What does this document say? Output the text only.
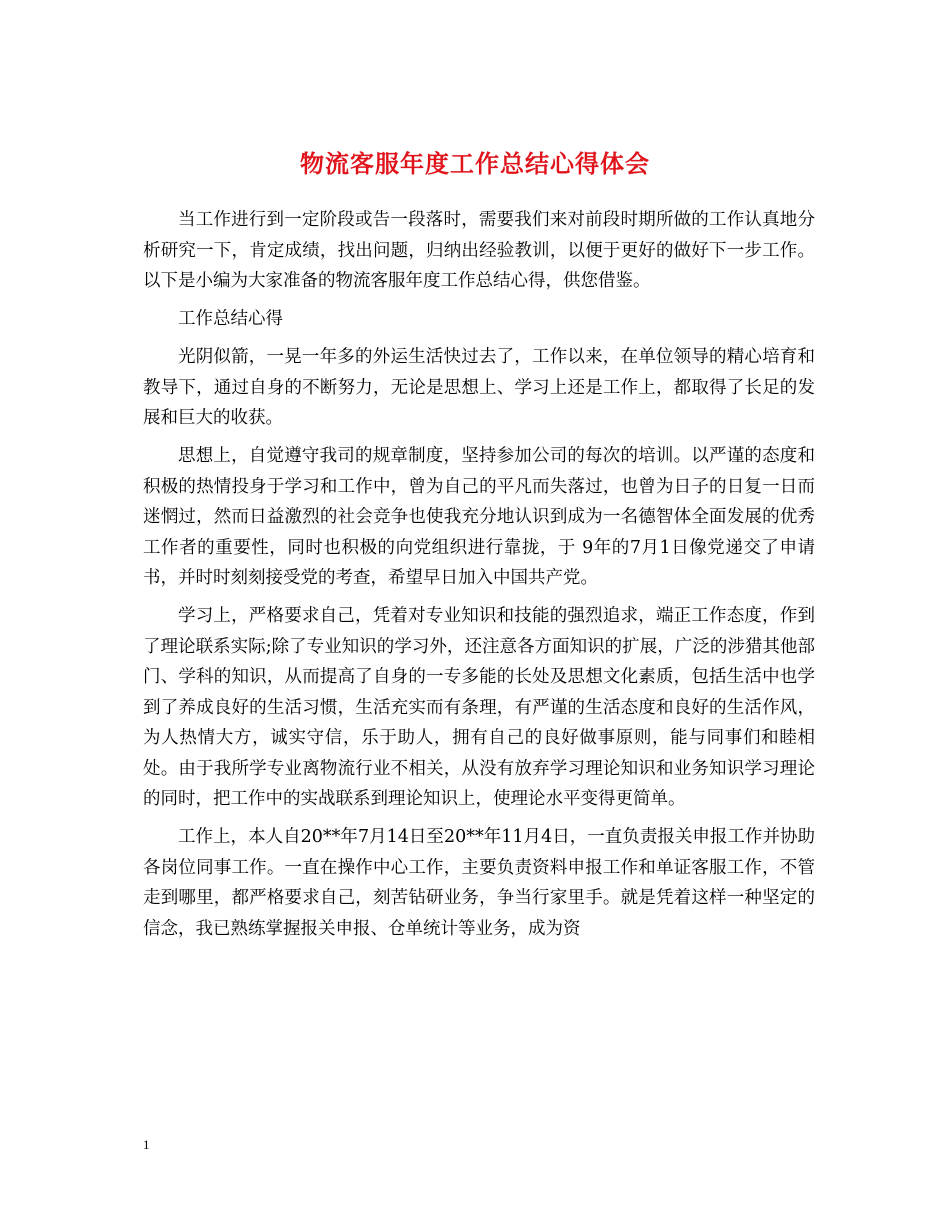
物流客服年度工作总结心得体会

当工作进行到一定阶段或告一段落时，需要我们来对前段时期所做的工作认真地分析研究一下，肯定成绩，找出问题，归纳出经验教训，以便于更好的做好下一步工作。以下是小编为大家准备的物流客服年度工作总结心得，供您借鉴。

工作总结心得

光阴似箭，一晃一年多的外运生活快过去了，工作以来，在单位领导的精心培育和教导下，通过自身的不断努力，无论是思想上、学习上还是工作上，都取得了长足的发展和巨大的收获。

思想上，自觉遵守我司的规章制度，坚持参加公司的每次的培训。以严谨的态度和积极的热情投身于学习和工作中，曾为自己的平凡而失落过，也曾为日子的日复一日而迷惘过，然而日益激烈的社会竞争也使我充分地认识到成为一名德智体全面发展的优秀工作者的重要性，同时也积极的向党组织进行靠拢，于 9年的7月1日像党递交了申请书，并时时刻刻接受党的考查，希望早日加入中国共产党。

学习上，严格要求自己，凭着对专业知识和技能的强烈追求，端正工作态度，作到了理论联系实际;除了专业知识的学习外，还注意各方面知识的扩展，广泛的涉猎其他部门、学科的知识，从而提高了自身的一专多能的长处及思想文化素质，包括生活中也学到了养成良好的生活习惯，生活充实而有条理，有严谨的生活态度和良好的生活作风，为人热情大方，诚实守信，乐于助人，拥有自己的良好做事原则，能与同事们和睦相处。由于我所学专业离物流行业不相关，从没有放弃学习理论知识和业务知识学习理论的同时，把工作中的实战联系到理论知识上，使理论水平变得更简单。

工作上，本人自20**年7月14日至20**年11月4日，一直负责报关申报工作并协助各岗位同事工作。一直在操作中心工作，主要负责资料申报工作和单证客服工作，不管走到哪里，都严格要求自己，刻苦钻研业务，争当行家里手。就是凭着这样一种坚定的信念，我已熟练掌握报关申报、仓单统计等业务，成为资

1
